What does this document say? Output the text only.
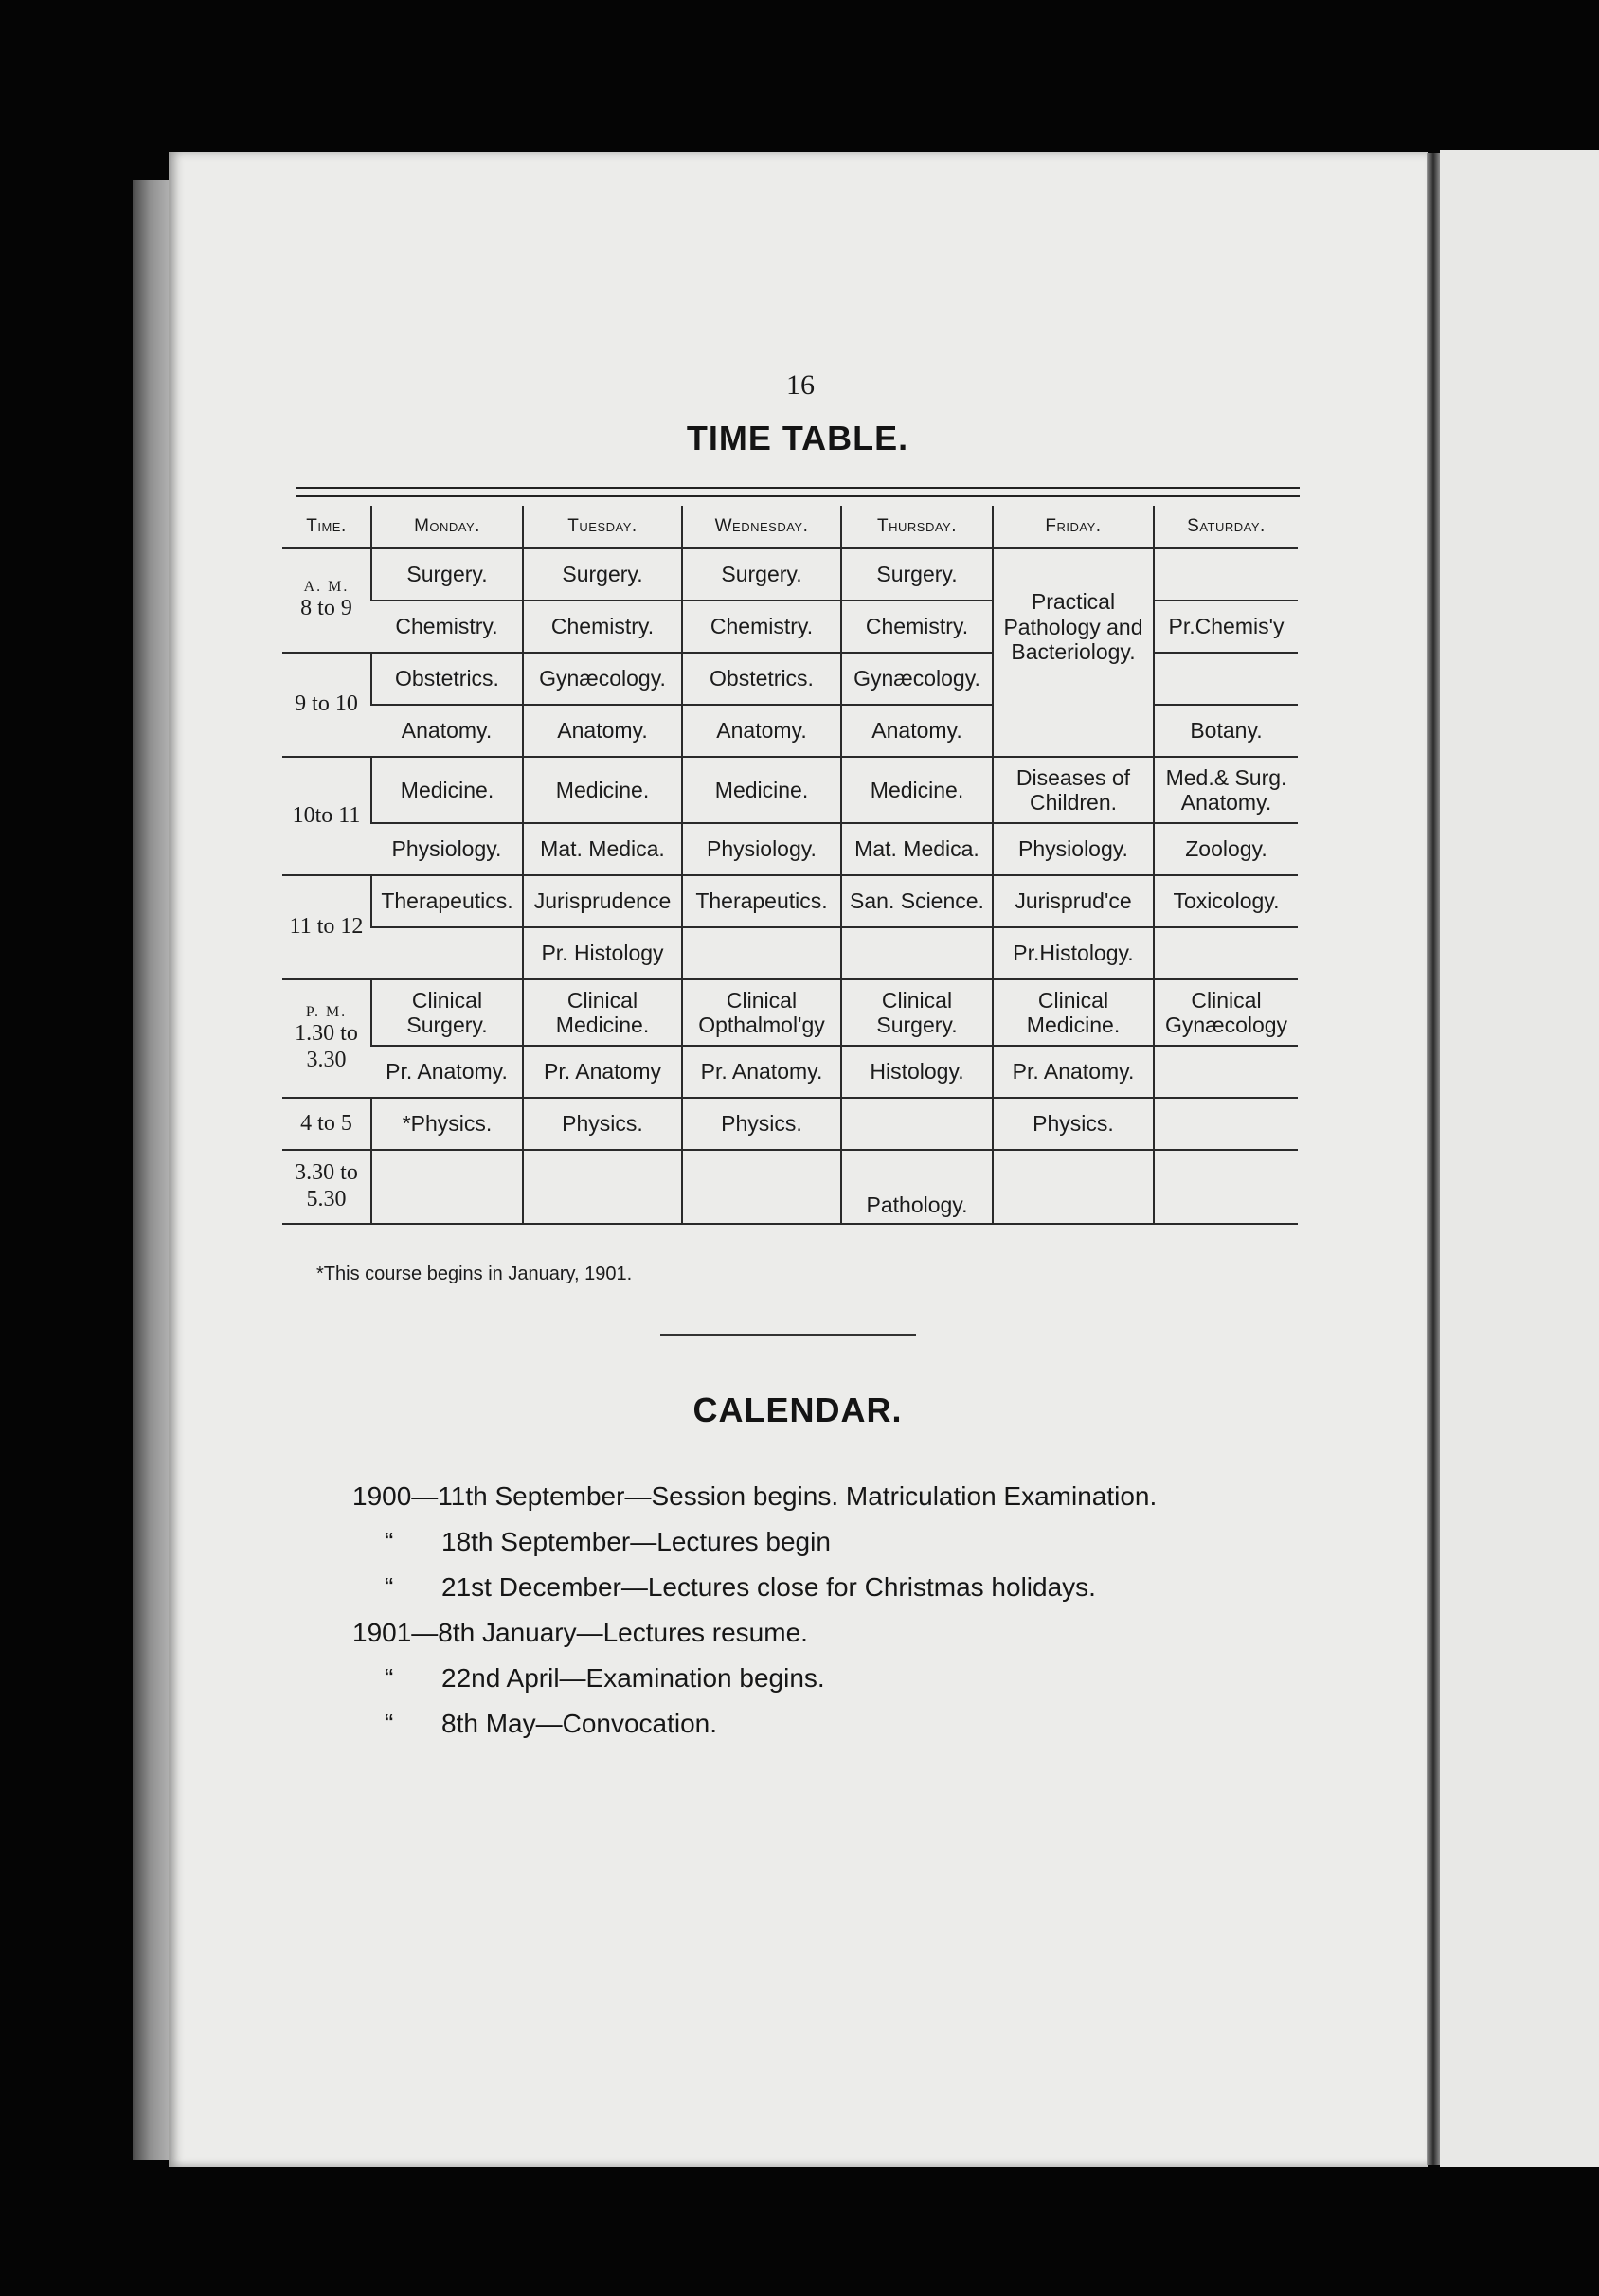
16
TIME TABLE.
Time.	Monday.	Tuesday.	Wednesday.	Thursday.	Friday.	Saturday.

A. M.
8 to 9	Surgery.	Surgery.	Surgery.	Surgery.	Practical Pathology and Bacteriology.	
	Chemistry.	Chemistry.	Chemistry.	Chemistry.		Pr.Chemis'y
9 to 10	Obstetrics.	Gynæcology.	Obstetrics.	Gynæcology.		
	Anatomy.	Anatomy.	Anatomy.	Anatomy.		Botany.
10to 11	Medicine.	Medicine.	Medicine.	Medicine.	Diseases of Children.	Med.& Surg. Anatomy.
	Physiology.	Mat. Medica.	Physiology.	Mat. Medica.	Physiology.	Zoology.
11 to 12	Therapeutics.	Jurisprudence	Therapeutics.	San. Science.	Jurisprud'ce	Toxicology.
		Pr. Histology			Pr.Histology.	

P. M.
1.30 to 3.30	Clinical Surgery.	Clinical Medicine.	Clinical Opthalmol'gy	Clinical Surgery.	Clinical Medicine.	Clinical Gynæcology
	Pr. Anatomy.	Pr. Anatomy	Pr. Anatomy.	Histology.	Pr. Anatomy.	
4 to 5	*Physics.	Physics.	Physics.		Physics.	
3.30 to 5.30				Pathology.		
*This course begins in January, 1901.
CALENDAR.
1900—11th September—Session begins. Matriculation Examination.
“ 18th September—Lectures begin
“ 21st December—Lectures close for Christmas holidays.
1901—8th January—Lectures resume.
“ 22nd April—Examination begins.
“ 8th May—Convocation.
